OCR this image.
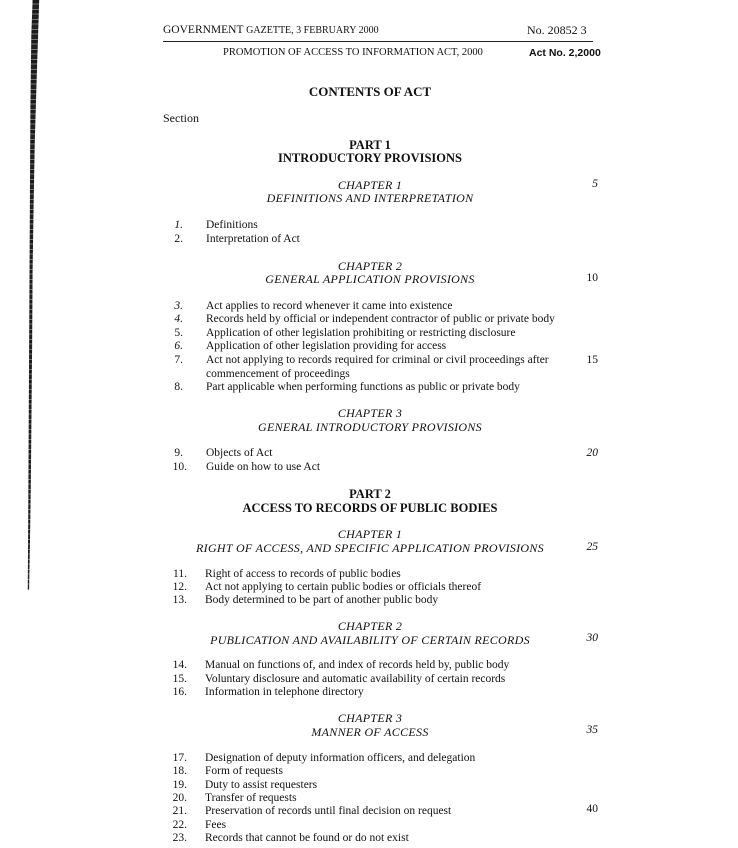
GOVERNMENT GAZETTE, 3 FEBRUARY 2000	No. 20852 3
PROMOTION OF ACCESS TO INFORMATION ACT, 2000	Act No. 2,2000
CONTENTS OF ACT
Section
PART 1
INTRODUCTORY PROVISIONS
CHAPTER 1	5
DEFINITIONS AND INTERPRETATION
1. Definitions
2. Interpretation of Act
CHAPTER 2
GENERAL APPLICATION PROVISIONS	10
3. Act applies to record whenever it came into existence
4. Records held by official or independent contractor of public or private body
5. Application of other legislation prohibiting or restricting disclosure
6. Application of other legislation providing for access
7. Act not applying to records required for criminal or civil proceedings after	15
commencement of proceedings
8. Part applicable when performing functions as public or private body
CHAPTER 3
GENERAL INTRODUCTORY PROVISIONS
9. Objects of Act	20
10. Guide on how to use Act
PART 2
ACCESS TO RECORDS OF PUBLIC BODIES
CHAPTER 1
RIGHT OF ACCESS, AND SPECIFIC APPLICATION PROVISIONS	25
11. Right of access to records of public bodies
12. Act not applying to certain public bodies or officials thereof
13. Body determined to be part of another public body
CHAPTER 2
PUBLICATION AND AVAILABILITY OF CERTAIN RECORDS	30
14. Manual on functions of, and index of records held by, public body
15. Voluntary disclosure and automatic availability of certain records
16. Information in telephone directory
CHAPTER 3
MANNER OF ACCESS	35
17. Designation of deputy information officers, and delegation
18. Form of requests
19. Duty to assist requesters
20. Transfer of requests
21. Preservation of records until final decision on request	40
22. Fees
23. Records that cannot be found or do not exist
